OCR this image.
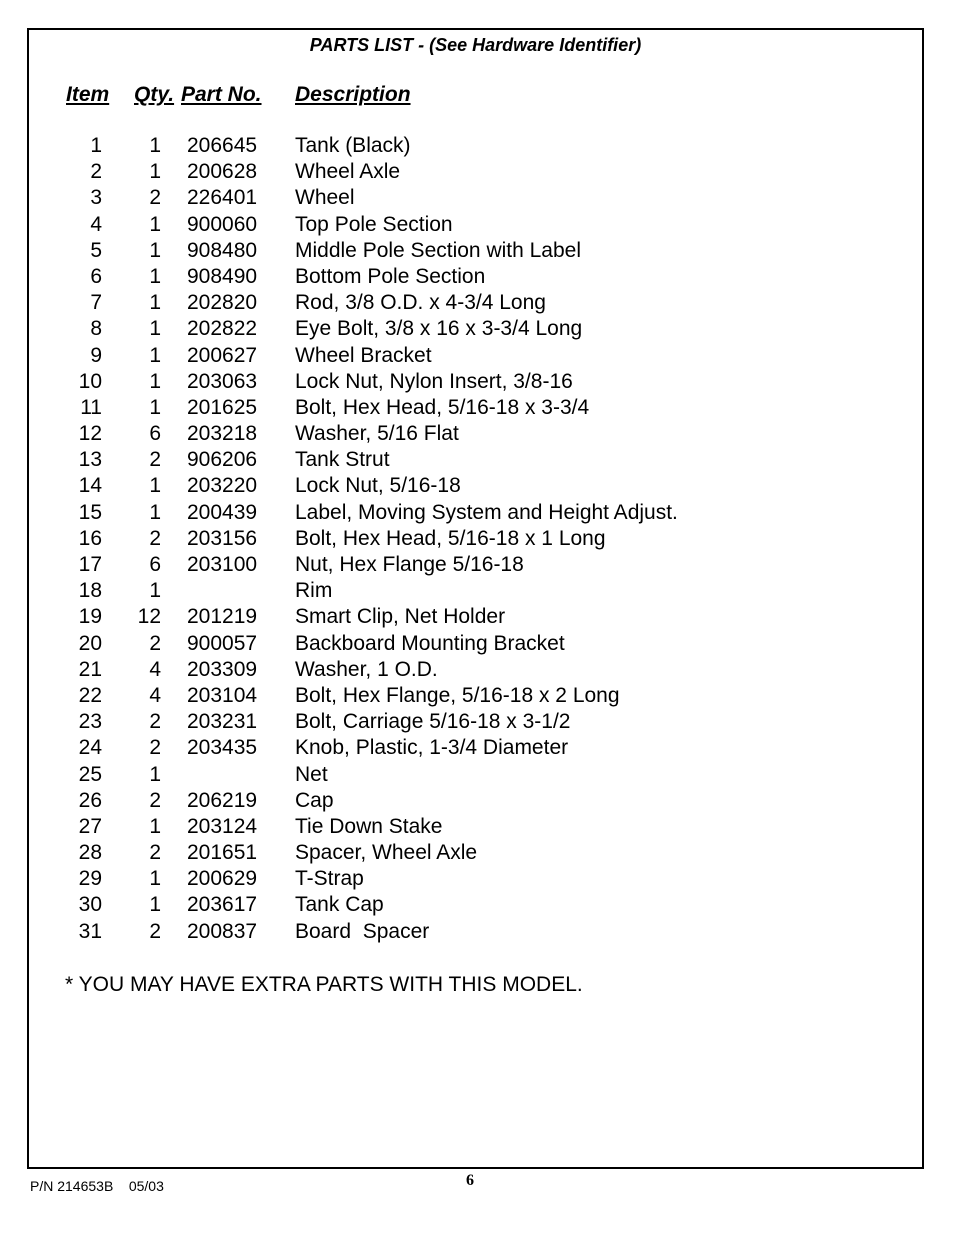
PARTS LIST - (See Hardware Identifier)
Item Qty. Part No. Description
1	1 206645 Tank (Black)
2	1 200628 Wheel Axle
3	2 226401 Wheel
4	1 900060 Top Pole Section
5	1 908480 Middle Pole Section with Label
6	1 908490 Bottom Pole Section
7	1 202820 Rod, 3/8 O.D. x 4-3/4 Long
8	1 202822 Eye Bolt, 3/8 x 16 x 3-3/4 Long
9	1 200627 Wheel Bracket
10	1 203063 Lock Nut, Nylon Insert, 3/8-16
11	1 201625 Bolt, Hex Head, 5/16-18 x 3-3/4
12	6 203218 Washer, 5/16 Flat
13	2 906206 Tank Strut
14	1 203220 Lock Nut, 5/16-18
15	1 200439 Label, Moving System and Height Adjust.
16	2 203156 Bolt, Hex Head, 5/16-18 x 1 Long
17	6 203100 Nut, Hex Flange 5/16-18
18	1	Rim
19	12 201219 Smart Clip, Net Holder
20	2 900057 Backboard Mounting Bracket
21	4 203309 Washer, 1 O.D.
22	4 203104 Bolt, Hex Flange, 5/16-18 x 2 Long
23	2 203231 Bolt, Carriage 5/16-18 x 3-1/2
24	2 203435 Knob, Plastic, 1-3/4 Diameter
25	1	Net
26	2 206219 Cap
27	1 203124 Tie Down Stake
28	2 201651 Spacer, Wheel Axle
29	1 200629 T-Strap
30	1 203617 Tank Cap
31	2 200837 Board  Spacer
* YOU MAY HAVE EXTRA PARTS WITH THIS MODEL.
P/N 214653B    05/03	6
